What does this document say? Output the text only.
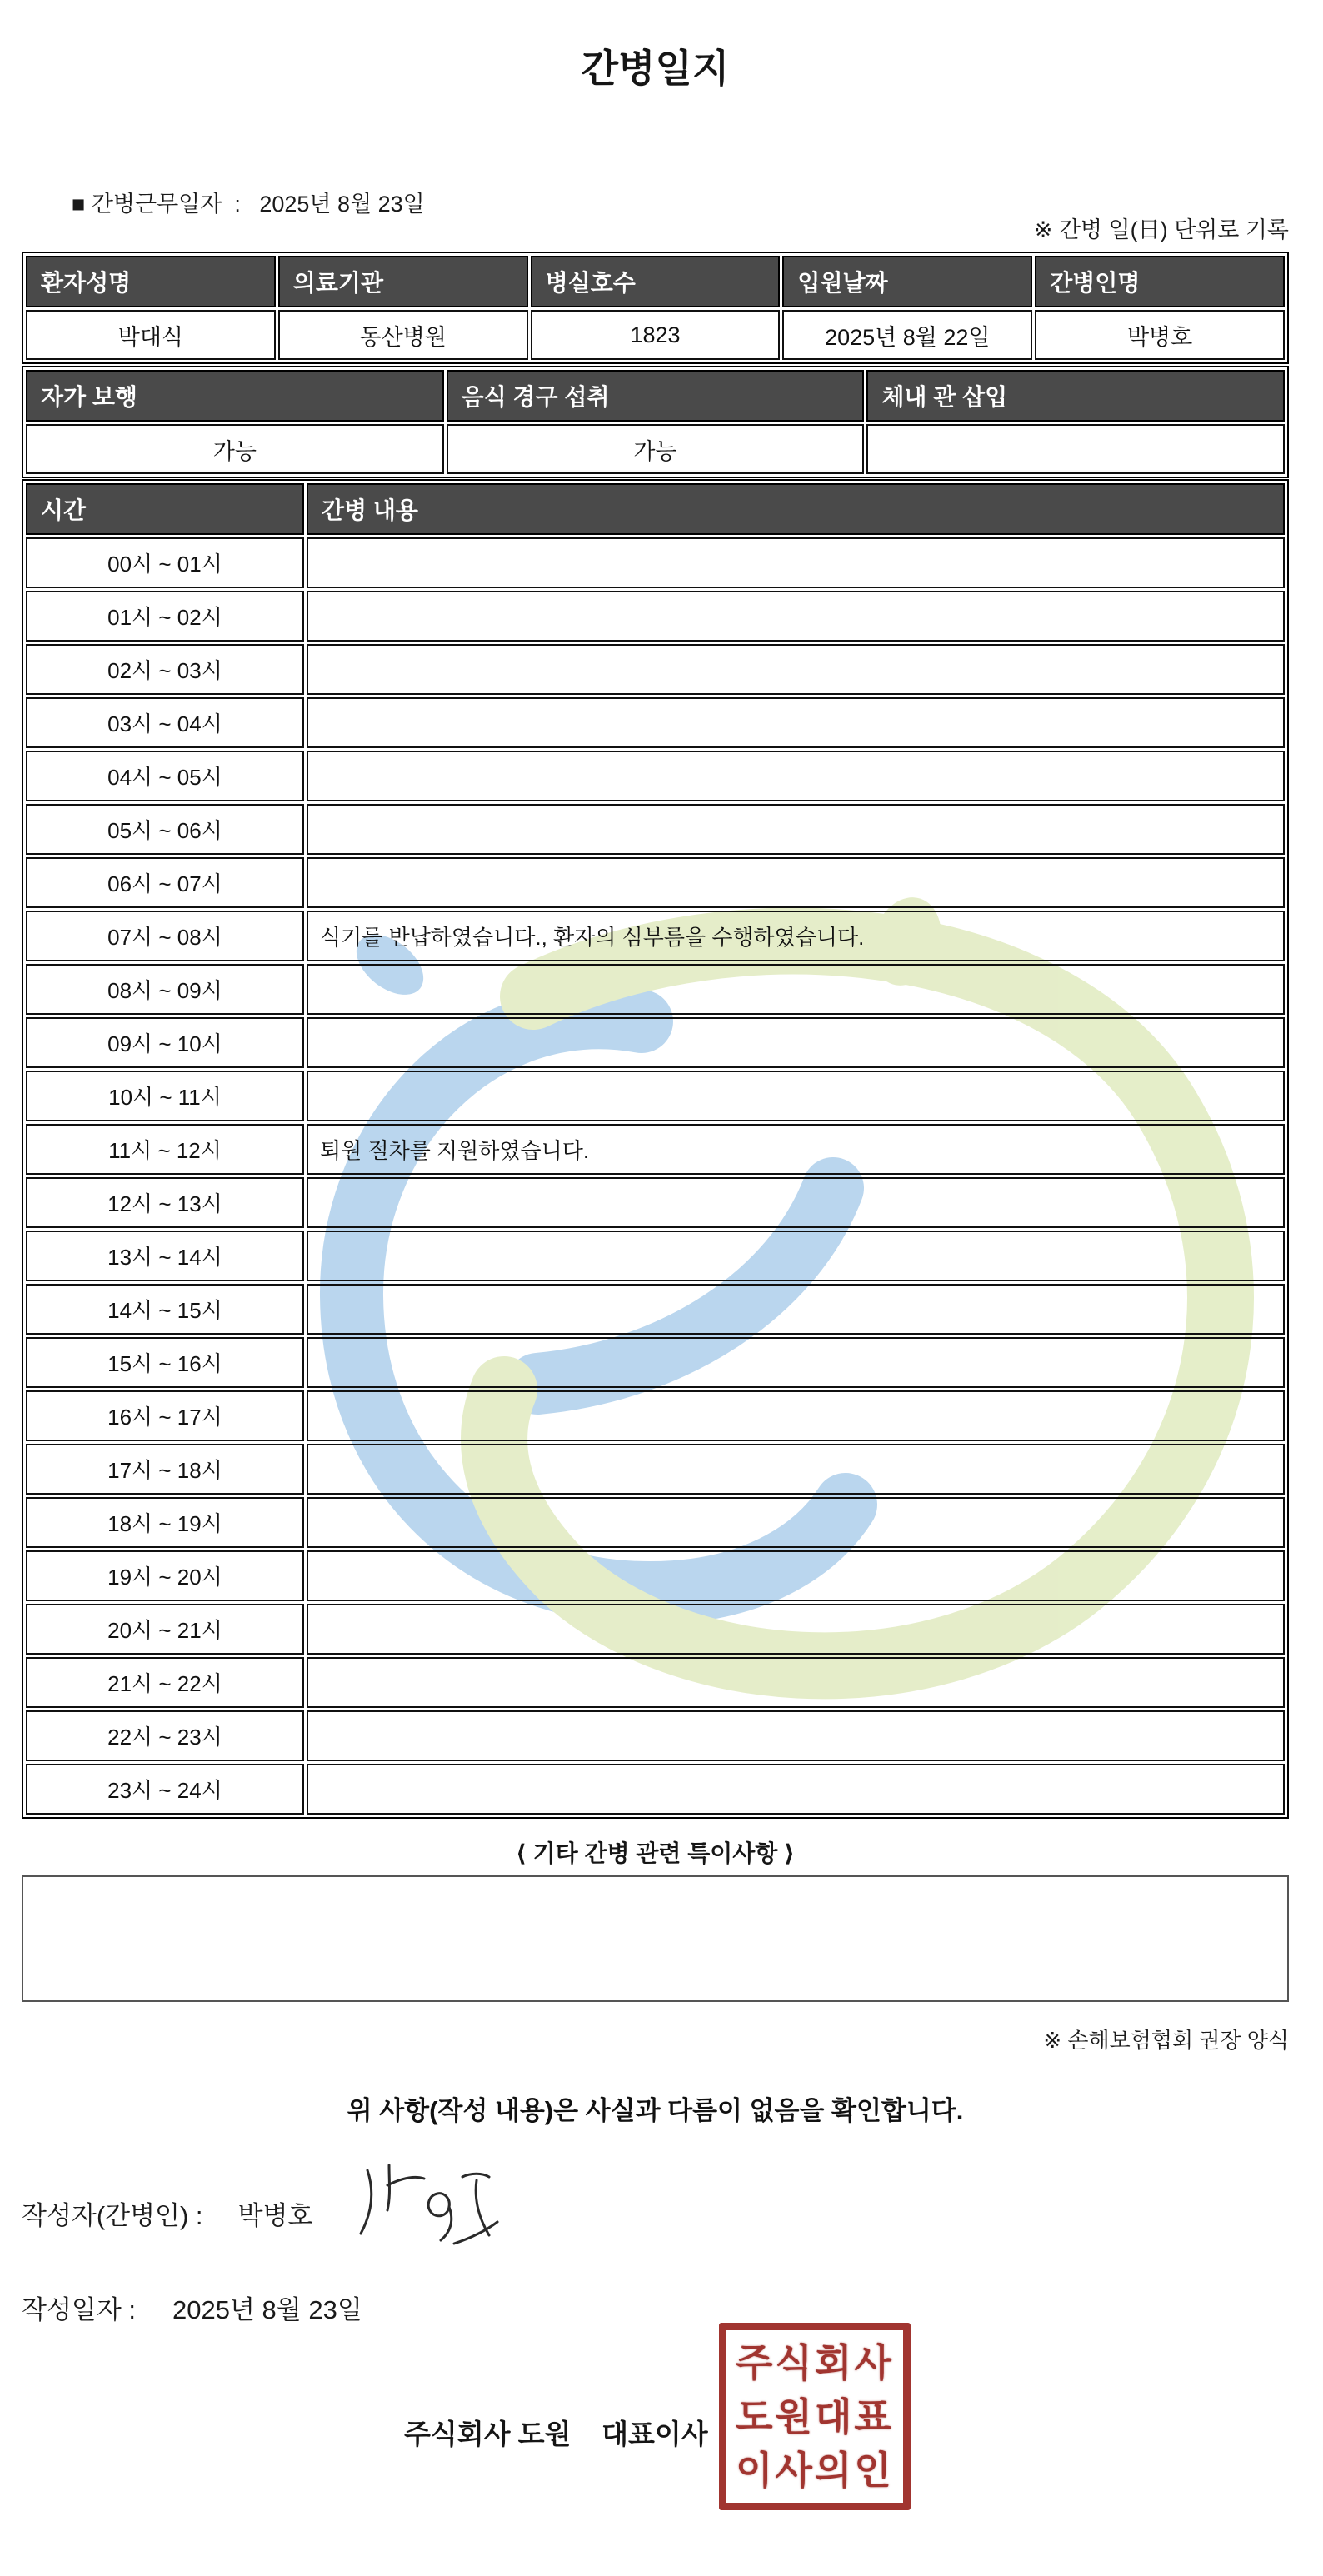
간병일지

■ 간병근무일자  : 2025년 8월 23일

※ 간병 일(日) 단위로 기록
환자성명	의료기관	병실호수	입원날짜	간병인명
박대식	동산병원	1823	2025년 8월 22일	박병호
자가 보행	음식 경구 섭취	체내 관 삽입
가능	가능	
시간	간병 내용
00시 ~ 01시	
01시 ~ 02시	
02시 ~ 03시	
03시 ~ 04시	
04시 ~ 05시	
05시 ~ 06시	
06시 ~ 07시	
07시 ~ 08시	식기를 반납하였습니다., 환자의 심부름을 수행하였습니다.
08시 ~ 09시	
09시 ~ 10시	
10시 ~ 11시	
11시 ~ 12시	퇴원 절차를 지원하였습니다.
12시 ~ 13시	
13시 ~ 14시	
14시 ~ 15시	
15시 ~ 16시	
16시 ~ 17시	
17시 ~ 18시	
18시 ~ 19시	
19시 ~ 20시	
20시 ~ 21시	
21시 ~ 22시	
22시 ~ 23시	
23시 ~ 24시	
⟨ 기타 간병 관련 특이사항 ⟩
※ 손해보험협회 권장 양식
위 사항(작성 내용)은 사실과 다름이 없음을 확인합니다.
작성자(간병인) : 박병호
작성일자 : 2025년 8월 23일
주식회사 도원    대표이사
주식회사
도원대표
이사의인
